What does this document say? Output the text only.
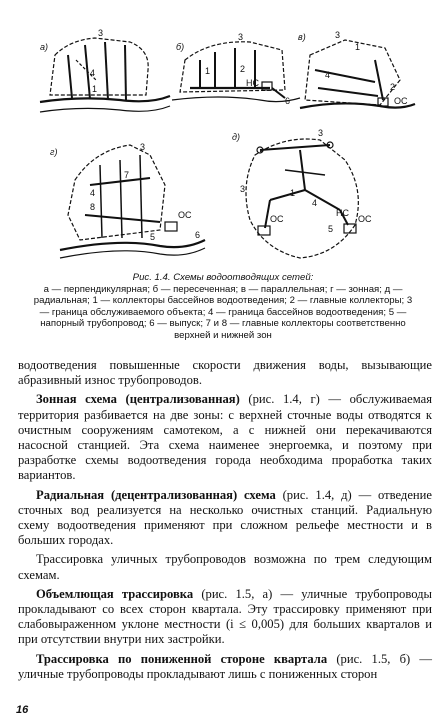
а)
3
4
1
б)
3
1	2
НС
6
в)	3
1
4
2
ОС
г)	3
7
4
8
ОС
5	6
д)	3
1
3
4
НС
5
ОС	ОС

Рис. 1.4. Схемы водоотводящих сетей:

а — перпендикулярная; б — пересеченная; в — параллельная; г — зонная; д — радиальная; 1 — коллекторы бассейнов водоотведения; 2 — главные коллекторы; 3 — граница обслуживаемого объекта; 4 — граница бассейнов водоотведения; 5 — напорный трубопровод; 6 — выпуск; 7 и 8 — главные коллекторы соответственно верхней и нижней зон

водоотведения повышенные скорости движения воды, вызывающие абразивный износ трубопроводов.

Зонная схема (централизованная) (рис. 1.4, г) — обслуживаемая территория разбивается на две зоны: с верхней сточные воды отводятся к очистным сооружениям самотеком, а с нижней они перекачиваются насосной станцией. Эта схема наименее энергоемка, и поэтому при разработке схемы водоотведения города необходима проработка таких вариантов.

Радиальная (децентрализованная) схема (рис. 1.4, д) — отведение сточных вод реализуется на несколько очистных станций. Радиальную схему водоотведения применяют при сложном рельефе местности и в больших городах.

Трассировка уличных трубопроводов возможна по трем следующим схемам.

Объемлющая трассировка (рис. 1.5, а) — уличные трубопроводы прокладывают со всех сторон квартала. Эту трассировку применяют при слабовыраженном уклоне местности (i ≤ 0,005) для больших кварталов и при отсутствии внутри них застройки.

Трассировка по пониженной стороне квартала (рис. 1.5, б) — уличные трубопроводы прокладывают лишь с пониженных сторон

16
